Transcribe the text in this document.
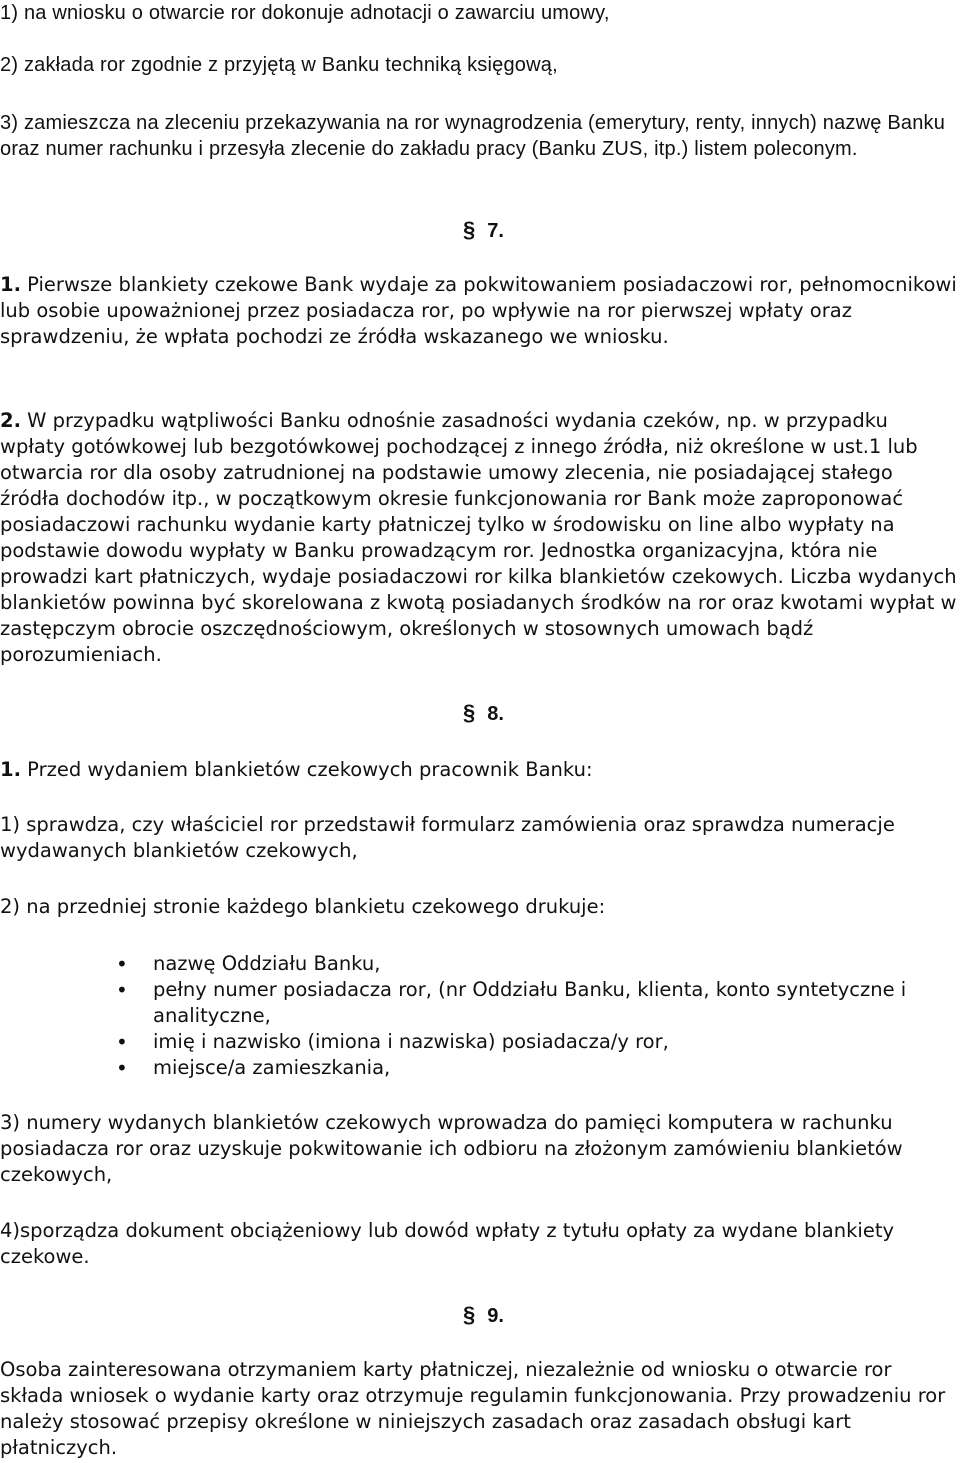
1) na wniosku o otwarcie ror dokonuje adnotacji o zawarciu umowy,

2) zakłada ror zgodnie z przyjętą w Banku techniką księgową,

3) zamieszcza na zleceniu przekazywania na ror wynagrodzenia (emerytury, renty, innych) nazwę Banku oraz numer rachunku i przesyła zlecenie do zakładu pracy (Banku ZUS, itp.) listem poleconym.

§ 7.

1. Pierwsze blankiety czekowe Bank wydaje za pokwitowaniem posiadaczowi ror, pełnomocnikowi lub osobie upoważnionej przez posiadacza ror, po wpływie na ror pierwszej wpłaty oraz sprawdzeniu, że wpłata pochodzi ze źródła wskazanego we wniosku.

2. W przypadku wątpliwości Banku odnośnie zasadności wydania czeków, np. w przypadku wpłaty gotówkowej lub bezgotówkowej pochodzącej z innego źródła, niż określone w ust.1 lub otwarcia ror dla osoby zatrudnionej na podstawie umowy zlecenia, nie posiadającej stałego źródła dochodów itp., w początkowym okresie funkcjonowania ror Bank może zaproponować posiadaczowi rachunku wydanie karty płatniczej tylko w środowisku on line albo wypłaty na podstawie dowodu wypłaty w Banku prowadzącym ror. Jednostka organizacyjna, która nie prowadzi kart płatniczych, wydaje posiadaczowi ror kilka blankietów czekowych. Liczba wydanych blankietów powinna być skorelowana z kwotą posiadanych środków na ror oraz kwotami wypłat w zastępczym obrocie oszczędnościowym, określonych w stosownych umowach bądź porozumieniach.

§ 8.

1. Przed wydaniem blankietów czekowych pracownik Banku:

1) sprawdza, czy właściciel ror przedstawił formularz zamówienia oraz sprawdza numeracje wydawanych blankietów czekowych,

2) na przedniej stronie każdego blankietu czekowego drukuje:

• nazwę Oddziału Banku,
• pełny numer posiadacza ror, (nr Oddziału Banku, klienta, konto syntetyczne i analityczne,
• imię i nazwisko (imiona i nazwiska) posiadacza/y ror,
• miejsce/a zamieszkania,

3) numery wydanych blankietów czekowych wprowadza do pamięci komputera w rachunku posiadacza ror oraz uzyskuje pokwitowanie ich odbioru na złożonym zamówieniu blankietów czekowych,

4)sporządza dokument obciążeniowy lub dowód wpłaty z tytułu opłaty za wydane blankiety czekowe.

§ 9.

Osoba zainteresowana otrzymaniem karty płatniczej, niezależnie od wniosku o otwarcie ror składa wniosek o wydanie karty oraz otrzymuje regulamin funkcjonowania. Przy prowadzeniu ror należy stosować przepisy określone w niniejszych zasadach oraz zasadach obsługi kart płatniczych.
